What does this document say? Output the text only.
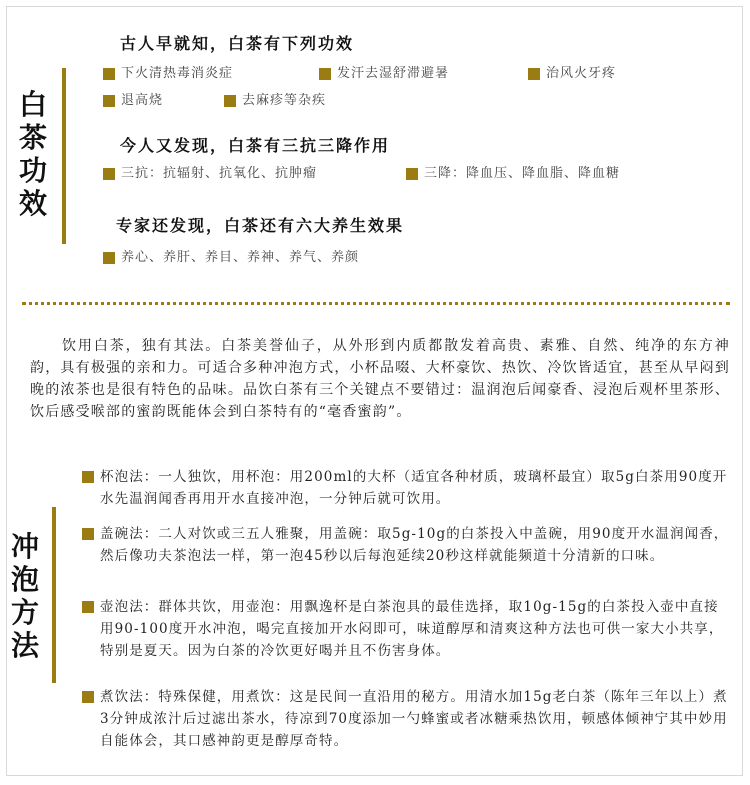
白茶功效
古人早就知，白茶有下列功效
下火清热毒消炎症	发汗去湿舒滞避暑	治风火牙疼
退高烧	去麻疹等杂疾
今人又发现，白茶有三抗三降作用
三抗：抗辐射、抗氧化、抗肿瘤	三降：降血压、降血脂、降血糖
专家还发现，白茶还有六大养生效果
养心、养肝、养目、养神、养气、养颜

饮用白茶，独有其法。白茶美誉仙子，从外形到内质都散发着高贵、素雅、自然、纯净的东方神韵，具有极强的亲和力。可适合多种冲泡方式，小杯品啜、大杯豪饮、热饮、冷饮皆适宜，甚至从早闷到晚的浓茶也是很有特色的品味。品饮白茶有三个关键点不要错过：温润泡后闻豪香、浸泡后观杯里茶形、饮后感受喉部的蜜韵既能体会到白茶特有的“毫香蜜韵”。

冲泡方法

杯泡法：一人独饮，用杯泡：用200ml的大杯（适宜各种材质，玻璃杯最宜）取5g白茶用90度开水先温润闻香再用开水直接冲泡，一分钟后就可饮用。

盖碗法：二人对饮或三五人雅聚，用盖碗：取5g-10g的白茶投入中盖碗，用90度开水温润闻香，然后像功夫茶泡法一样，第一泡45秒以后每泡延续20秒这样就能频道十分清新的口味。

壶泡法：群体共饮，用壶泡：用飘逸杯是白茶泡具的最佳选择，取10g-15g的白茶投入壶中直接用90-100度开水冲泡，喝完直接加开水闷即可，味道醇厚和清爽这种方法也可供一家大小共享，特别是夏天。因为白茶的冷饮更好喝并且不伤害身体。

煮饮法：特殊保健，用煮饮：这是民间一直沿用的秘方。用清水加15g老白茶（陈年三年以上）煮3分钟成浓汁后过滤出茶水，待凉到70度添加一勺蜂蜜或者冰糖乘热饮用，顿感体倾神宁其中妙用自能体会，其口感神韵更是醇厚奇特。
